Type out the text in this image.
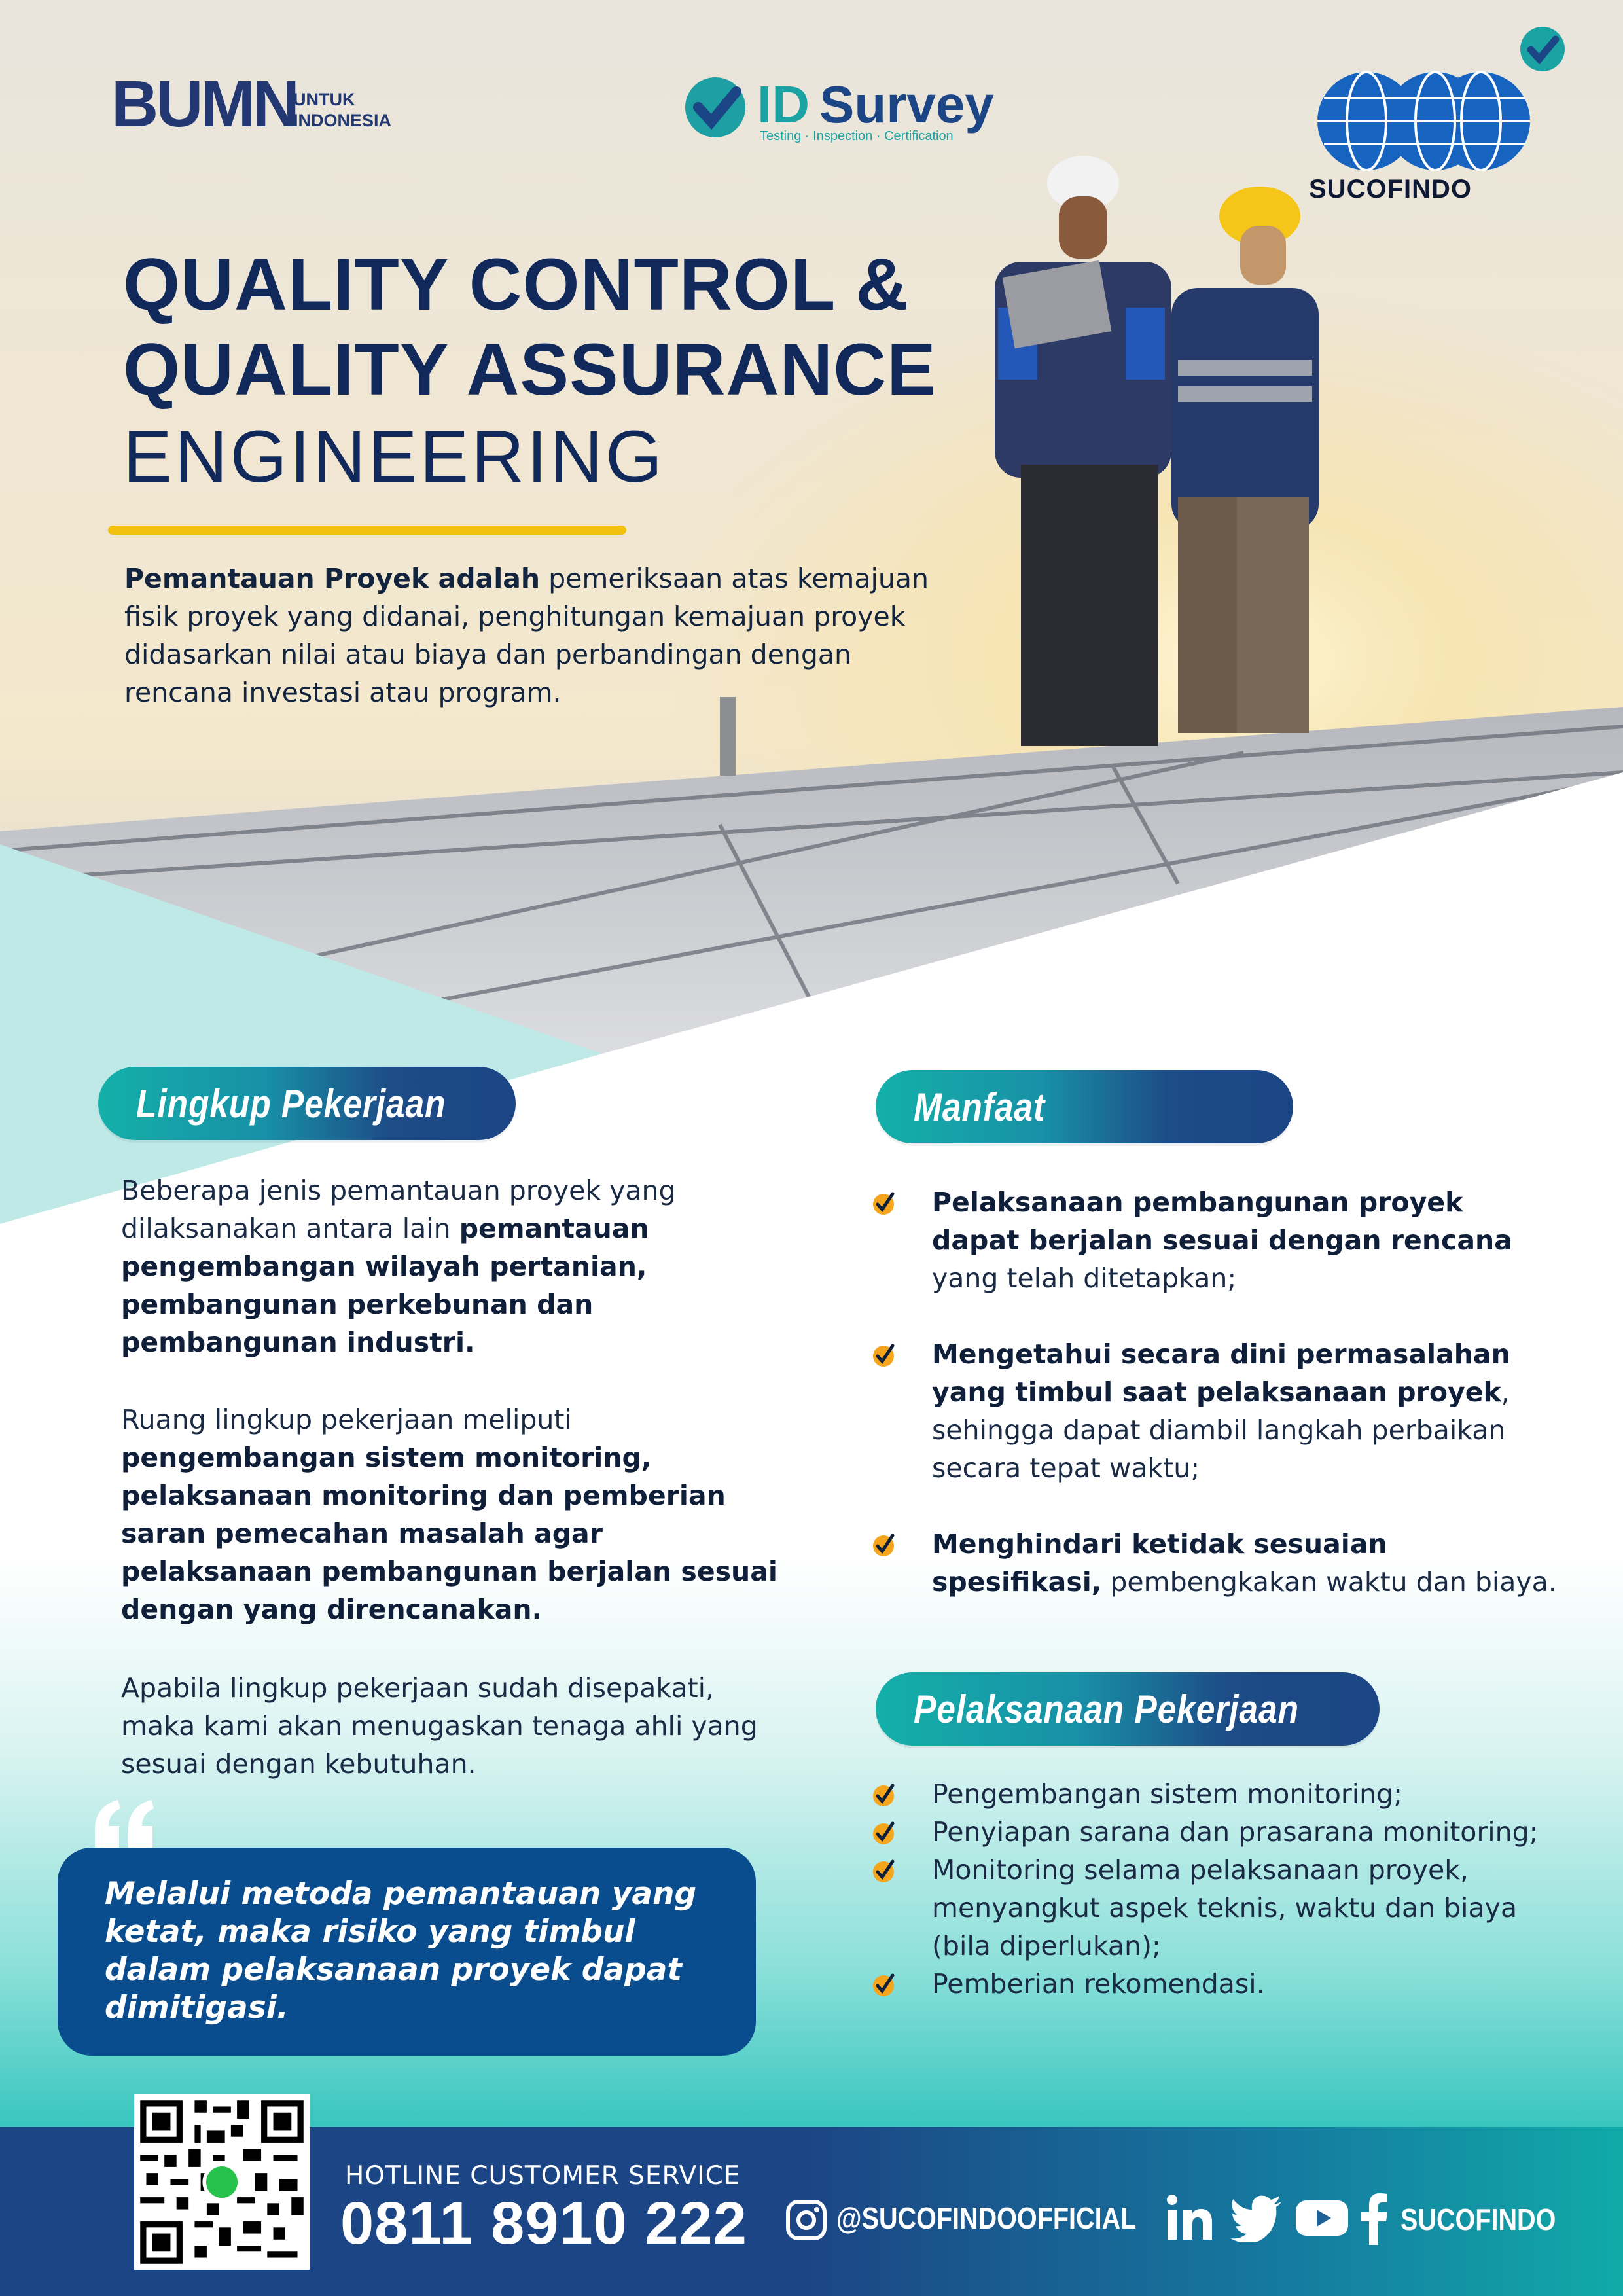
BUMN
UNTUK
INDONESIA	ID Survey
Testing · Inspection · Certification
SUCOFINDO
QUALITY CONTROL &
QUALITY ASSURANCE
ENGINEERING
Pemantauan Proyek adalah pemeriksaan atas kemajuan fisik proyek yang didanai, penghitungan kemajuan proyek didasarkan nilai atau biaya dan perbandingan dengan rencana investasi atau program.
Lingkup Pekerjaan	Manfaat
Pelaksanaan Pekerjaan
Beberapa jenis pemantauan proyek yang dilaksanakan antara lain pemantauan pengembangan wilayah pertanian, pembangunan perkebunan dan pembangunan industri.
Ruang lingkup pekerjaan meliputi pengembangan sistem monitoring, pelaksanaan monitoring dan pemberian saran pemecahan masalah agar pelaksanaan pembangunan berjalan sesuai dengan yang direncanakan.
Apabila lingkup pekerjaan sudah disepakati, maka kami akan menugaskan tenaga ahli yang sesuai dengan kebutuhan.
Melalui metoda pemantauan yang ketat, maka risiko yang timbul dalam pelaksanaan proyek dapat dimitigasi.
Pelaksanaan pembangunan proyek dapat berjalan sesuai dengan rencana yang telah ditetapkan;
Mengetahui secara dini permasalahan yang timbul saat pelaksanaan proyek, sehingga dapat diambil langkah perbaikan secara tepat waktu;
Menghindari ketidak sesuaian spesifikasi, pembengkakan waktu dan biaya.
Pengembangan sistem monitoring;
Penyiapan sarana dan prasarana monitoring;
Monitoring selama pelaksanaan proyek, menyangkut aspek teknis, waktu dan biaya (bila diperlukan);
Pemberian rekomendasi.
HOTLINE CUSTOMER SERVICE
0811 8910 222	@SUCOFINDOOFFICIAL	SUCOFINDO
